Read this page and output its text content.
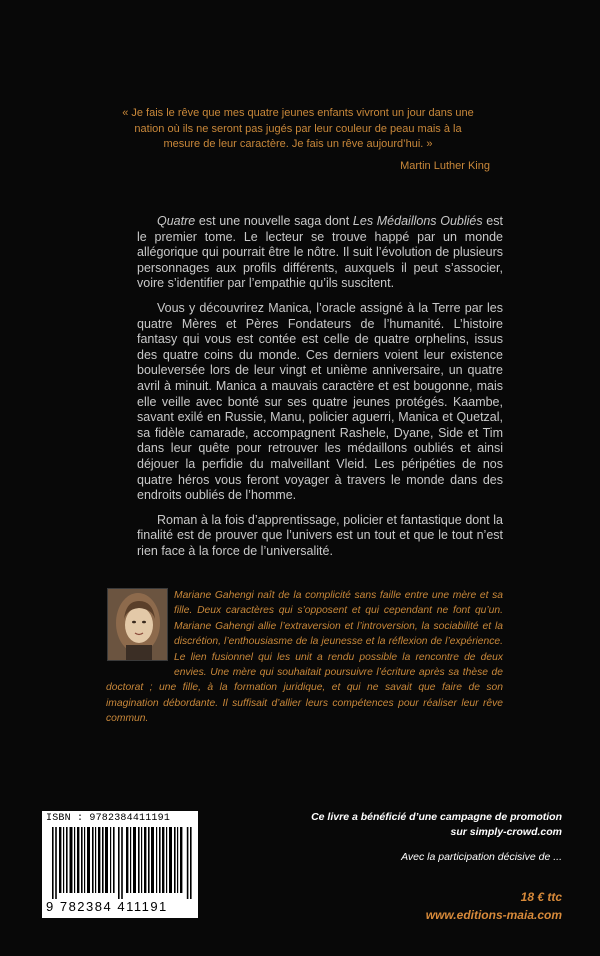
« Je fais le rêve que mes quatre jeunes enfants vivront un jour dans une nation où ils ne seront pas jugés par leur couleur de peau mais à la mesure de leur caractère. Je fais un rêve aujourd’hui. »
Martin Luther King

Quatre est une nouvelle saga dont Les Médaillons Oubliés est le premier tome. Le lecteur se trouve happé par un monde allégorique qui pourrait être le nôtre. Il suit l’évolution de plusieurs personnages aux profils différents, auxquels il peut s’associer, voire s’identifier par l’empathie qu’ils suscitent.

Vous y découvrirez Manica, l’oracle assigné à la Terre par les quatre Mères et Pères Fondateurs de l’humanité. L’histoire fantasy qui vous est contée est celle de quatre orphelins, issus des quatre coins du monde. Ces derniers voient leur existence bouleversée lors de leur vingt et unième anniversaire, un quatre avril à minuit. Manica a mauvais caractère et est bougonne, mais elle veille avec bonté sur ses quatre jeunes protégés. Kaambe, savant exilé en Russie, Manu, policier aguerri, Manica et Quetzal, sa fidèle camarade, accompagnent Rashele, Dyane, Side et Tim dans leur quête pour retrouver les médaillons oubliés et ainsi déjouer la perfidie du malveillant Vleid. Les péripéties de nos quatre héros vous feront voyager à travers le monde dans des endroits oubliés de l’homme.

Roman à la fois d’apprentissage, policier et fantastique dont la finalité est de prouver que l’univers est un tout et que le tout n’est rien face à la force de l’universalité.

Mariane Gahengi naît de la complicité sans faille entre une mère et sa fille. Deux caractères qui s’opposent et qui cependant ne font qu’un. Mariane Gahengi allie l’extraversion et l’introversion, la sociabilité et la discrétion, l’enthousiasme de la jeunesse et la réflexion de l’expérience. Le lien fusionnel qui les unit a rendu possible la rencontre de deux envies. Une mère qui souhaitait poursuivre l’écriture après sa thèse de doctorat ; une fille, à la formation juridique, et qui ne savait que faire de son imagination débordante. Il suffisait d’allier leurs compétences pour réaliser leur rêve commun.
ISBN : 9782384411191
9 782384 411191
Ce livre a bénéficié d’une campagne de promotion
sur simply-crowd.com
Avec la participation décisive de ...
18 € ttc
www.editions-maia.com
